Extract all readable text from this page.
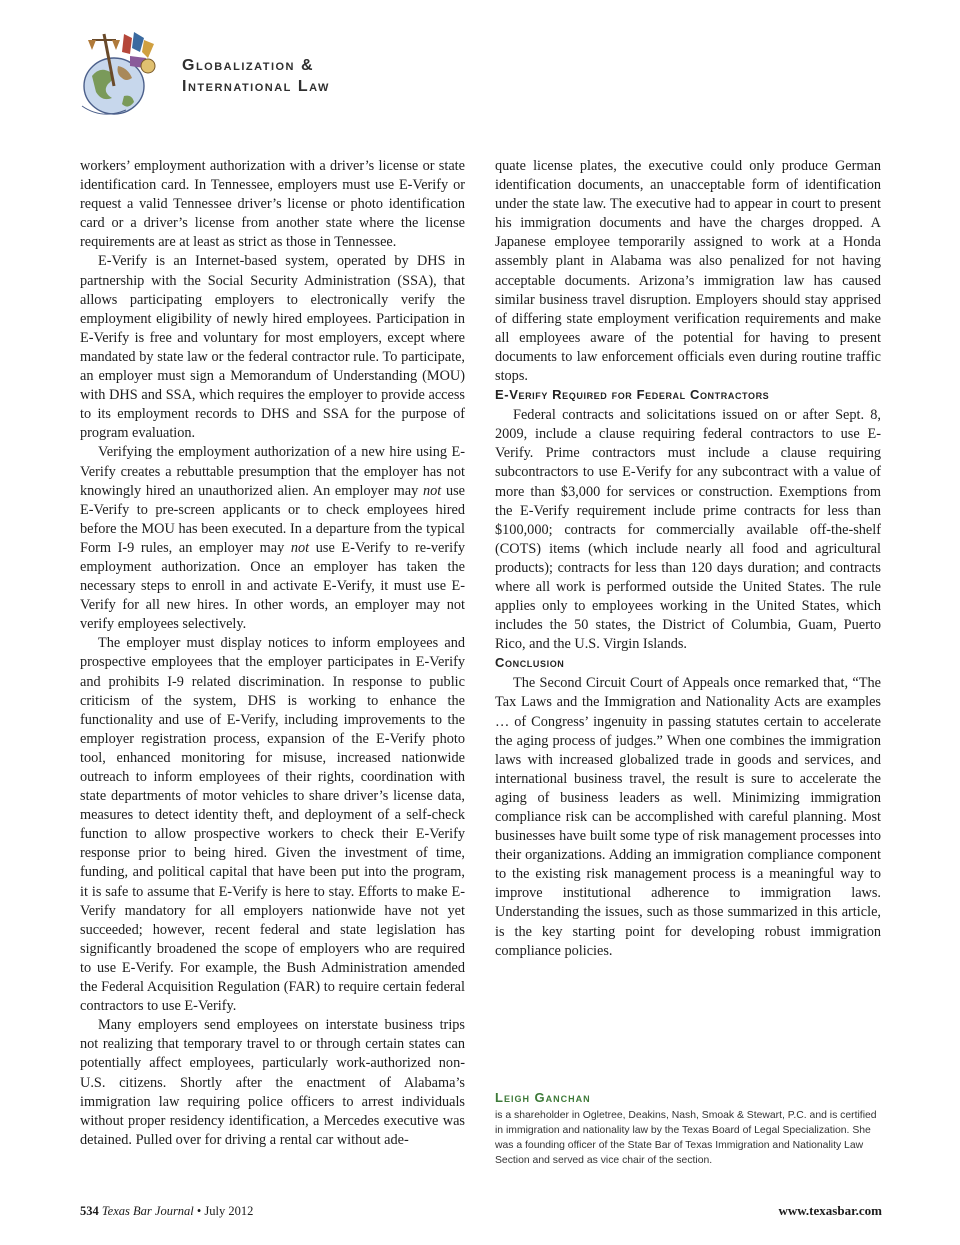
Globalization &
International Law

workers’ employment authorization with a driver’s license or state identification card. In Tennessee, employers must use E-Verify or request a valid Tennessee driver’s license or photo identification card or a driver’s license from another state where the license requirements are at least as strict as those in Tennessee.

E-Verify is an Internet-based system, operated by DHS in partnership with the Social Security Administration (SSA), that allows participating employers to electronically verify the employment eligibility of newly hired employees. Participation in E-Verify is free and voluntary for most employers, except where mandated by state law or the federal contractor rule. To participate, an employer must sign a Memorandum of Understanding (MOU) with DHS and SSA, which requires the employer to provide access to its employment records to DHS and SSA for the purpose of program evaluation.

Verifying the employment authorization of a new hire using E-Verify creates a rebuttable presumption that the employer has not knowingly hired an unauthorized alien. An employer may not use E-Verify to pre-screen applicants or to check employees hired before the MOU has been executed. In a departure from the typical Form I-9 rules, an employer may not use E-Verify to re-verify employment authorization. Once an employer has taken the necessary steps to enroll in and activate E-Verify, it must use E-Verify for all new hires. In other words, an employer may not verify employees selectively.

The employer must display notices to inform employees and prospective employees that the employer participates in E-Verify and prohibits I-9 related discrimination. In response to public criticism of the system, DHS is working to enhance the functionality and use of E-Verify, including improvements to the employer registration process, expansion of the E-Verify photo tool, enhanced monitoring for misuse, increased nationwide outreach to inform employees of their rights, coordination with state departments of motor vehicles to share driver’s license data, measures to detect identity theft, and deployment of a self-check function to allow prospective workers to check their E-Verify response prior to being hired. Given the investment of time, funding, and political capital that have been put into the program, it is safe to assume that E-Verify is here to stay. Efforts to make E-Verify mandatory for all employers nationwide have not yet succeeded; however, recent federal and state legislation has significantly broadened the scope of employers who are required to use E-Verify. For example, the Bush Administration amended the Federal Acquisition Regulation (FAR) to require certain federal contractors to use E-Verify.

Many employers send employees on interstate business trips not realizing that temporary travel to or through certain states can potentially affect employees, particularly work-authorized non-U.S. citizens. Shortly after the enactment of Alabama’s immigration law requiring police officers to arrest individuals without proper residency identification, a Mercedes executive was detained. Pulled over for driving a rental car without ade-

quate license plates, the executive could only produce German identification documents, an unacceptable form of identification under the state law. The executive had to appear in court to present his immigration documents and have the charges dropped. A Japanese employee temporarily assigned to work at a Honda assembly plant in Alabama was also penalized for not having acceptable documents. Arizona’s immigration law has caused similar business travel disruption. Employers should stay apprised of differing state employment verification requirements and make all employees aware of the potential for having to present documents to law enforcement officials even during routine traffic stops.

E-Verify Required for Federal Contractors

Federal contracts and solicitations issued on or after Sept. 8, 2009, include a clause requiring federal contractors to use E-Verify. Prime contractors must include a clause requiring subcontractors to use E-Verify for any subcontract with a value of more than $3,000 for services or construction. Exemptions from the E-Verify requirement include prime contracts for less than $100,000; contracts for commercially available off-the-shelf (COTS) items (which include nearly all food and agricultural products); contracts for less than 120 days duration; and contracts where all work is performed outside the United States. The rule applies only to employees working in the United States, which includes the 50 states, the District of Columbia, Guam, Puerto Rico, and the U.S. Virgin Islands.

Conclusion

The Second Circuit Court of Appeals once remarked that, “The Tax Laws and the Immigration and Nationality Acts are examples … of Congress’ ingenuity in passing statutes certain to accelerate the aging process of judges.” When one combines the immigration laws with increased globalized trade in goods and services, and international business travel, the result is sure to accelerate the aging of business leaders as well. Minimizing immigration compliance risk can be accomplished with careful planning. Most businesses have built some type of risk management processes into their organizations. Adding an immigration compliance component to the existing risk management process is a meaningful way to improve institutional adherence to immigration laws. Understanding the issues, such as those summarized in this article, is the key starting point for developing robust immigration compliance policies.

Leigh Ganchan
is a shareholder in Ogletree, Deakins, Nash, Smoak & Stewart, P.C. and is certified in immigration and nationality law by the Texas Board of Legal Specialization. She was a founding officer of the State Bar of Texas Immigration and Nationality Law Section and served as vice chair of the section.
534 Texas Bar Journal • July 2012	www.texasbar.com
